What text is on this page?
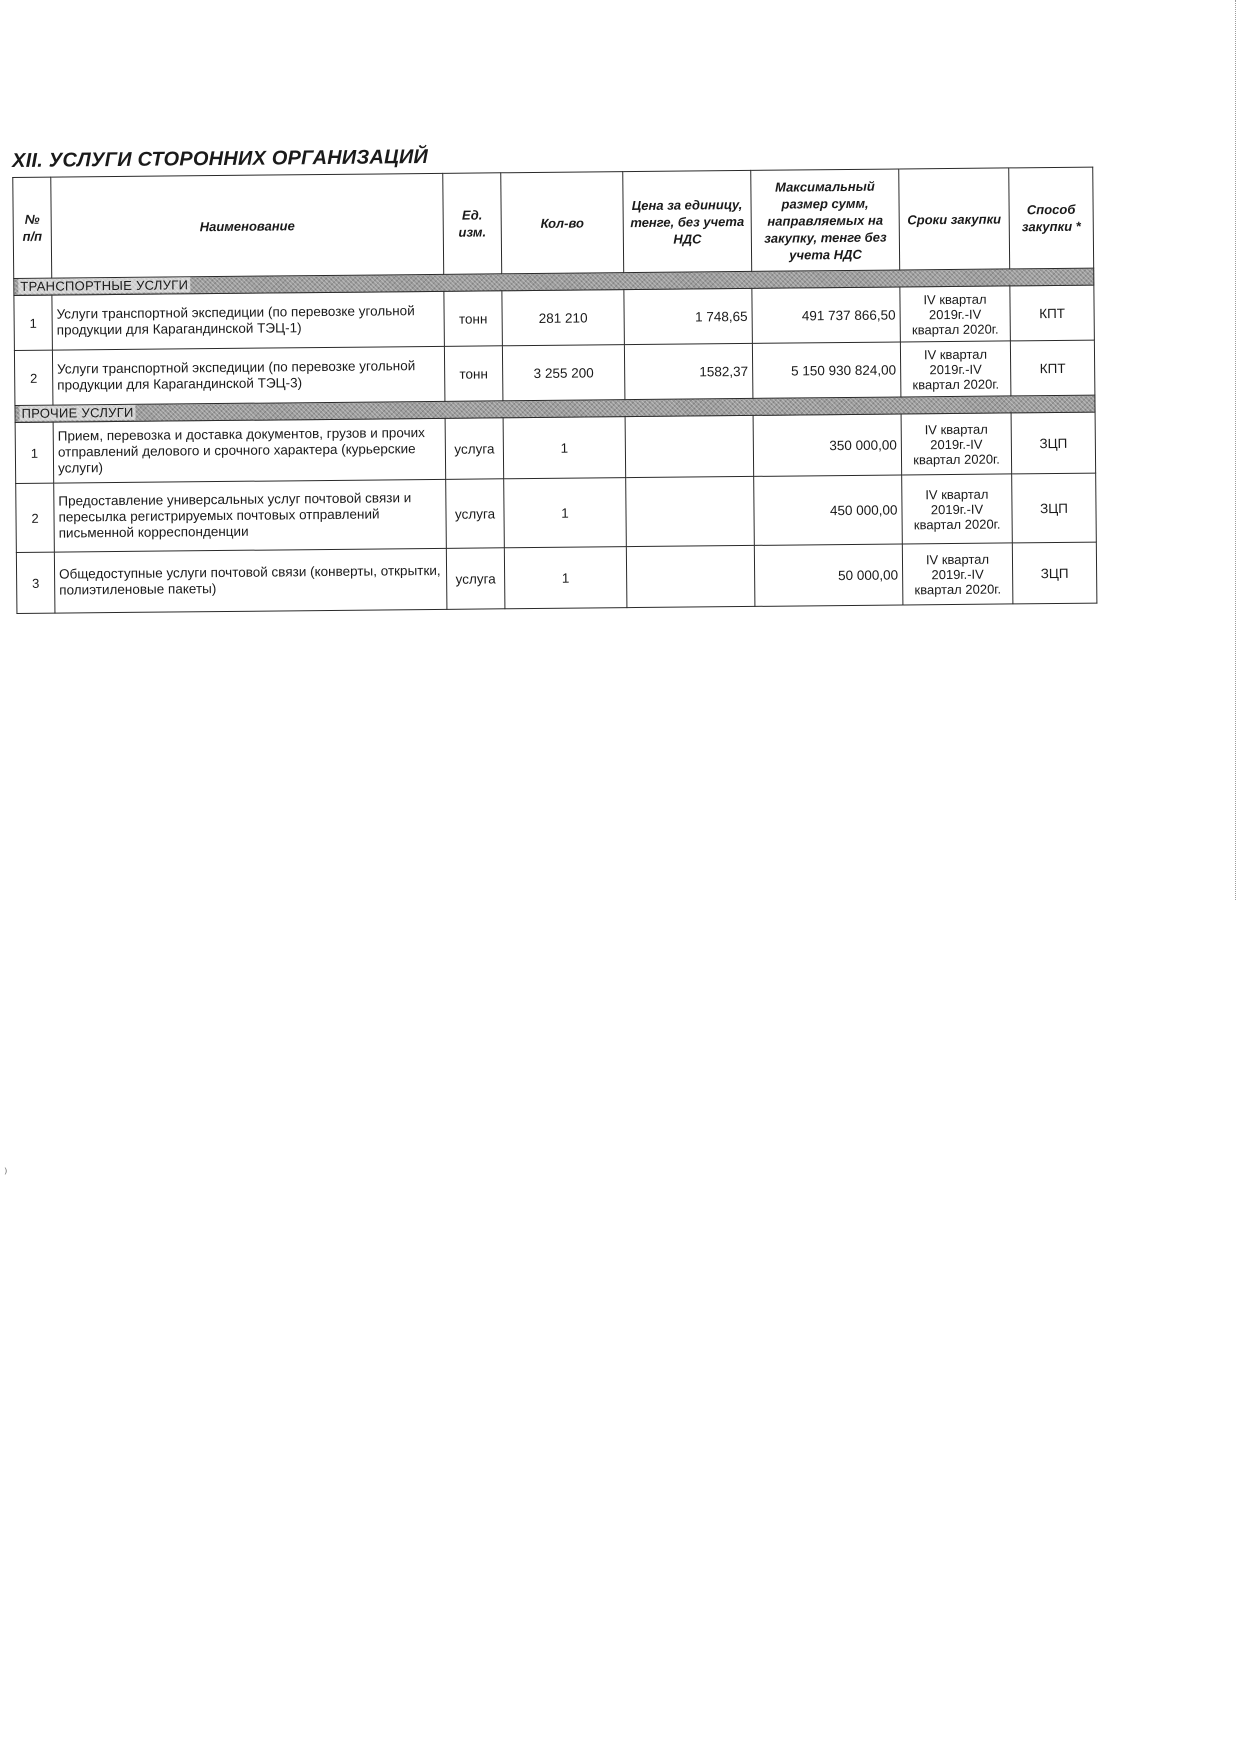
XII. УСЛУГИ СТОРОННИХ ОРГАНИЗАЦИЙ
№ п/п	Наименование	Ед. изм.	Кол-во	Цена за единицу, тенге, без учета НДС	Максимальный размер сумм, направляемых на закупку, тенге без учета НДС	Сроки закупки	Способ закупки *
ТРАНСПОРТНЫЕ УСЛУГИ							
1	Услуги транспортной экспедиции (по перевозке угольной продукции для Карагандинской ТЭЦ-1)	тонн	281 210	1 748,65	491 737 866,50	IV квартал 2019г.-IV квартал 2020г.	КПТ
2	Услуги транспортной экспедиции (по перевозке угольной продукции для Карагандинской ТЭЦ-3)	тонн	3 255 200	1582,37	5 150 930 824,00	IV квартал 2019г.-IV квартал 2020г.	КПТ
ПРОЧИЕ УСЛУГИ							
1	Прием, перевозка и доставка документов, грузов и прочих отправлений делового и срочного характера (курьерские услуги)	услуга	1		350 000,00	IV квартал 2019г.-IV квартал 2020г.	ЗЦП
2	Предоставление универсальных услуг почтовой связи и пересылка регистрируемых почтовых отправлений письменной корреспонденции	услуга	1		450 000,00	IV квартал 2019г.-IV квартал 2020г.	ЗЦП
3	Общедоступные услуги почтовой связи (конверты, открытки, полиэтиленовые пакеты)	услуга	1		50 000,00	IV квартал 2019г.-IV квартал 2020г.	ЗЦП
⁾
